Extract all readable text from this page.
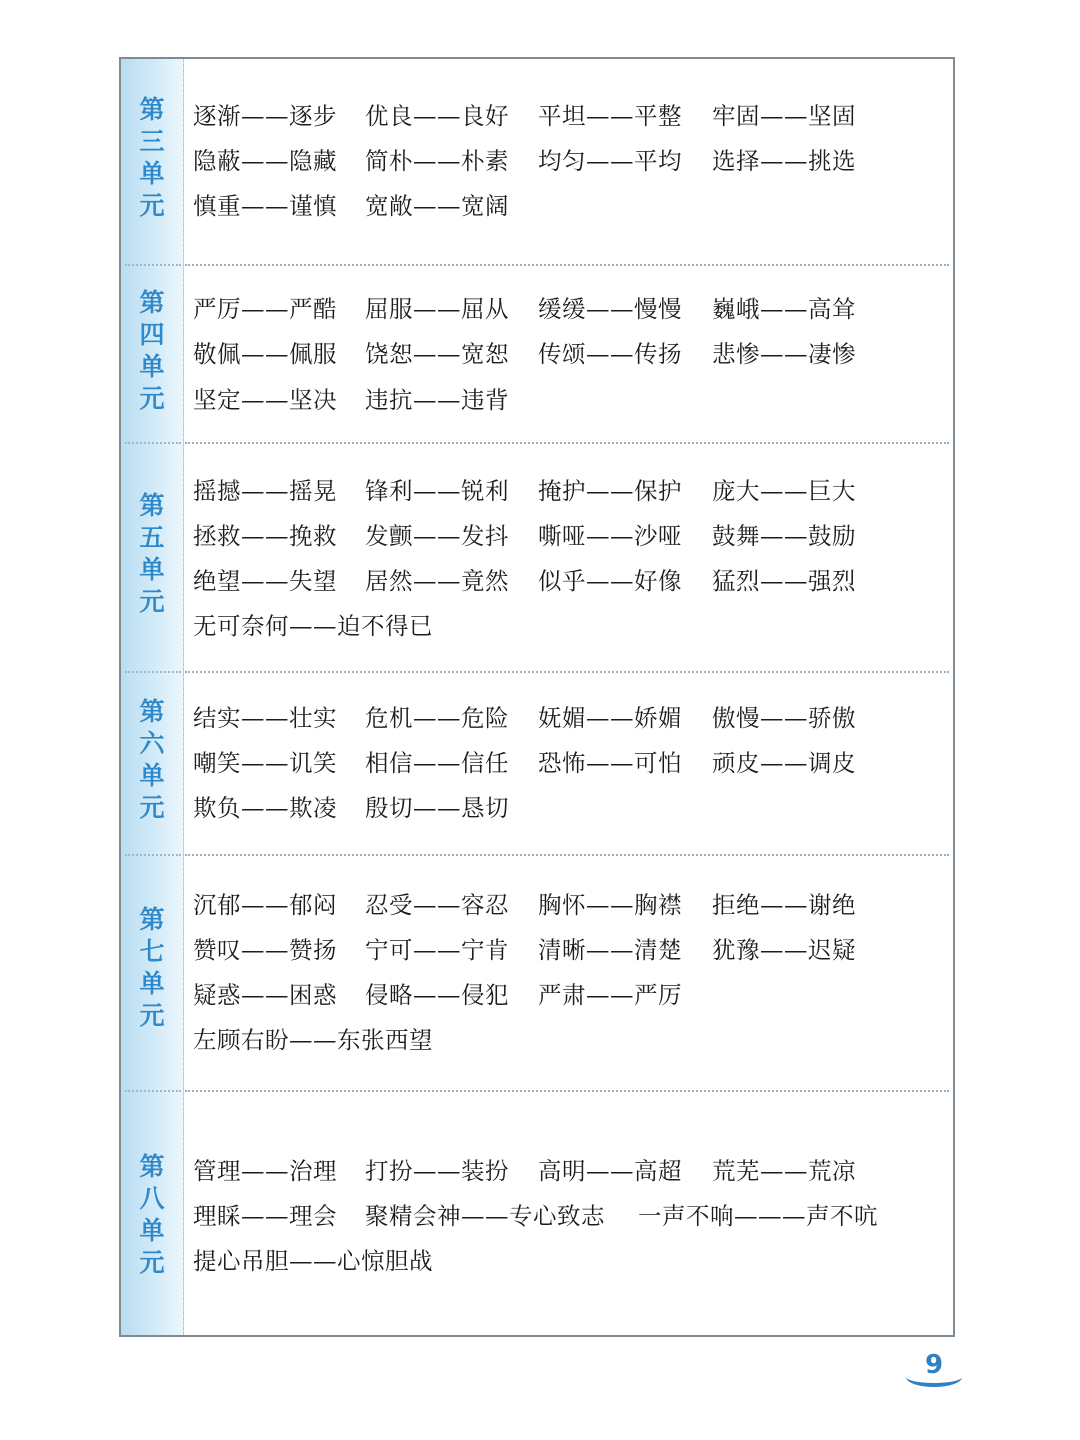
第
三
单
元
第
四
单
元
第
五
单
元
第
六
单
元
第
七
单
元
第
八
单
元
逐渐——逐步 优良——良好 平坦——平整 牢固——坚固
隐蔽——隐藏 简朴——朴素 均匀——平均 选择——挑选
慎重——谨慎 宽敞——宽阔
严厉——严酷 屈服——屈从 缓缓——慢慢 巍峨——高耸
敬佩——佩服 饶恕——宽恕 传颂——传扬 悲惨——凄惨
坚定——坚决 违抗——违背
摇撼——摇晃 锋利——锐利 掩护——保护 庞大——巨大
拯救——挽救 发颤——发抖 嘶哑——沙哑 鼓舞——鼓励
绝望——失望 居然——竟然 似乎——好像 猛烈——强烈
无可奈何——迫不得已
结实——壮实 危机——危险 妩媚——娇媚 傲慢——骄傲
嘲笑——讥笑 相信——信任 恐怖——可怕 顽皮——调皮
欺负——欺凌 殷切——恳切
沉郁——郁闷 忍受——容忍 胸怀——胸襟 拒绝——谢绝
赞叹——赞扬 宁可——宁肯 清晰——清楚 犹豫——迟疑
疑惑——困惑 侵略——侵犯 严肃——严厉
左顾右盼——东张西望
管理——治理 打扮——装扮 高明——高超 荒芜——荒凉
理睬——理会 聚精会神——专心致志 一声不响———声不吭
提心吊胆——心惊胆战
9
